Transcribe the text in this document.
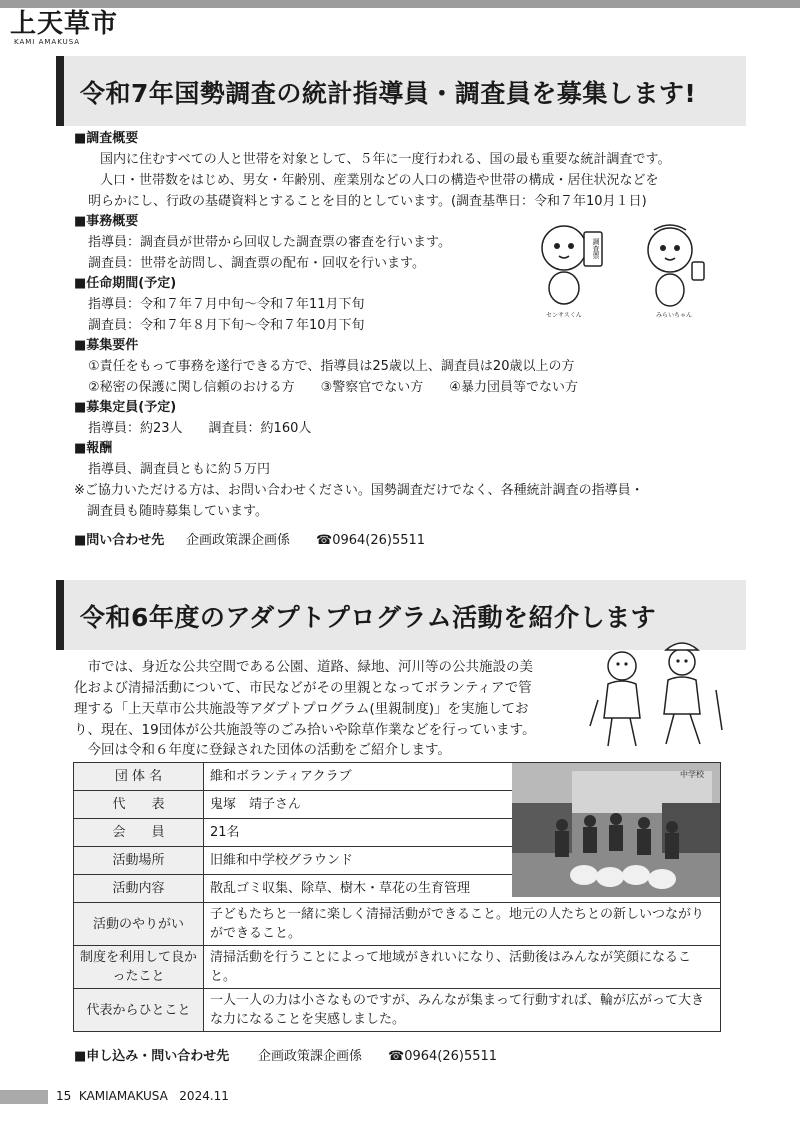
上天草市
KAMI AMAKUSA
令和7年国勢調査の統計指導員・調査員を募集します!
■調査概要
国内に住むすべての人と世帯を対象として、５年に一度行われる、国の最も重要な統計調査です。
人口・世帯数をはじめ、男女・年齢別、産業別などの人口の構造や世帯の構成・居住状況などを
明らかにし、行政の基礎資料とすることを目的としています。(調査基準日：令和７年10月１日)
■事務概要
指導員：調査員が世帯から回収した調査票の審査を行います。
調査員：世帯を訪問し、調査票の配布・回収を行います。
■任命期間(予定)
指導員：令和７年７月中旬～令和７年11月下旬
調査員：令和７年８月下旬～令和７年10月下旬
■募集要件
①責任をもって事務を遂行できる方で、指導員は25歳以上、調査員は20歳以上の方
②秘密の保護に関し信頼のおける方　　③警察官でない方　　④暴力団員等でない方
■募集定員(予定)
指導員：約23人　　調査員：約160人
■報酬
指導員、調査員ともに約５万円
※ご協力いただける方は、お問い合わせください。国勢調査だけでなく、各種統計調査の指導員・
　調査員も随時募集しています。
■問い合わせ先 企画政策課企画係 ☎0964(26)5511
調査票
センサスくん	みらいちゃん
令和6年度のアダプトプログラム活動を紹介します
　市では、身近な公共空間である公園、道路、緑地、河川等の公共施設の美
化および清掃活動について、市民などがその里親となってボランティアで管
理する「上天草市公共施設等アダプトプログラム(里親制度)」を実施してお
り、現在、19団体が公共施設等のごみ拾いや除草作業などを行っています。
　今回は令和６年度に登録された団体の活動をご紹介します。
団 体 名	維和ボランティアクラブ
代　　表	鬼塚　靖子さん
会　　員	21名
活動場所	旧維和中学校グラウンド
活動内容	散乱ゴミ収集、除草、樹木・草花の生育管理
活動のやりがい	子どもたちと一緒に楽しく清掃活動ができること。地元の人たちとの新しいつながりができること。
制度を利用して良かったこと	清掃活動を行うことによって地域がきれいになり、活動後はみんなが笑顔になること。
代表からひとこと	一人一人の力は小さなものですが、みんなが集まって行動すれば、輪が広がって大きな力になることを実感しました。
中学校
■申し込み・問い合わせ先 企画政策課企画係 ☎0964(26)5511
15 KAMIAMAKUSA 2024.11
